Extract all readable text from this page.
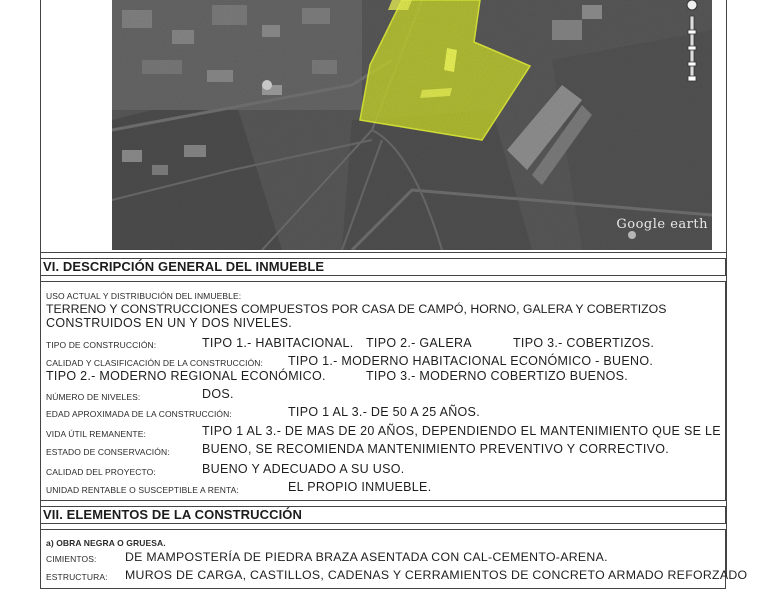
Google earth
VI. DESCRIPCIÓN GENERAL DEL INMUEBLE
USO ACTUAL Y DISTRIBUCIÓN DEL INMUEBLE:
TERRENO Y CONSTRUCCIONES COMPUESTOS POR CASA DE CAMPÓ, HORNO, GALERA Y COBERTIZOS
CONSTRUIDOS EN UN Y DOS NIVELES.
TIPO DE CONSTRUCCIÓN:	TIPO 1.- HABITACIONAL. TIPO 2.- GALERA	TIPO 3.- COBERTIZOS.
CALIDAD Y CLASIFICACIÓN DE LA CONSTRUCCIÓN: TIPO 1.- MODERNO HABITACIONAL ECONÓMICO - BUENO.
TIPO 2.- MODERNO REGIONAL ECONÓMICO.	TIPO 3.- MODERNO COBERTIZO BUENOS.
NÚMERO DE NIVELES:	DOS.
EDAD APROXIMADA DE LA CONSTRUCCIÓN:	TIPO 1 AL 3.- DE 50 A 25 AÑOS.
VIDA ÚTIL REMANENTE:	TIPO 1 AL 3.- DE MAS DE 20 AÑOS, DEPENDIENDO EL MANTENIMIENTO QUE SE LE
ESTADO DE CONSERVACIÓN:	BUENO, SE RECOMIENDA MANTENIMIENTO PREVENTIVO Y CORRECTIVO.
CALIDAD DEL PROYECTO:	BUENO Y ADECUADO A SU USO.
UNIDAD RENTABLE O SUSCEPTIBLE A RENTA:	EL PROPIO INMUEBLE.
VII. ELEMENTOS DE LA CONSTRUCCIÓN
a) OBRA NEGRA O GRUESA.
CIMIENTOS: DE MAMPOSTERÍA DE PIEDRA BRAZA ASENTADA CON CAL-CEMENTO-ARENA.
ESTRUCTURA: MUROS DE CARGA, CASTILLOS, CADENAS Y CERRAMIENTOS DE CONCRETO ARMADO REFORZADO
